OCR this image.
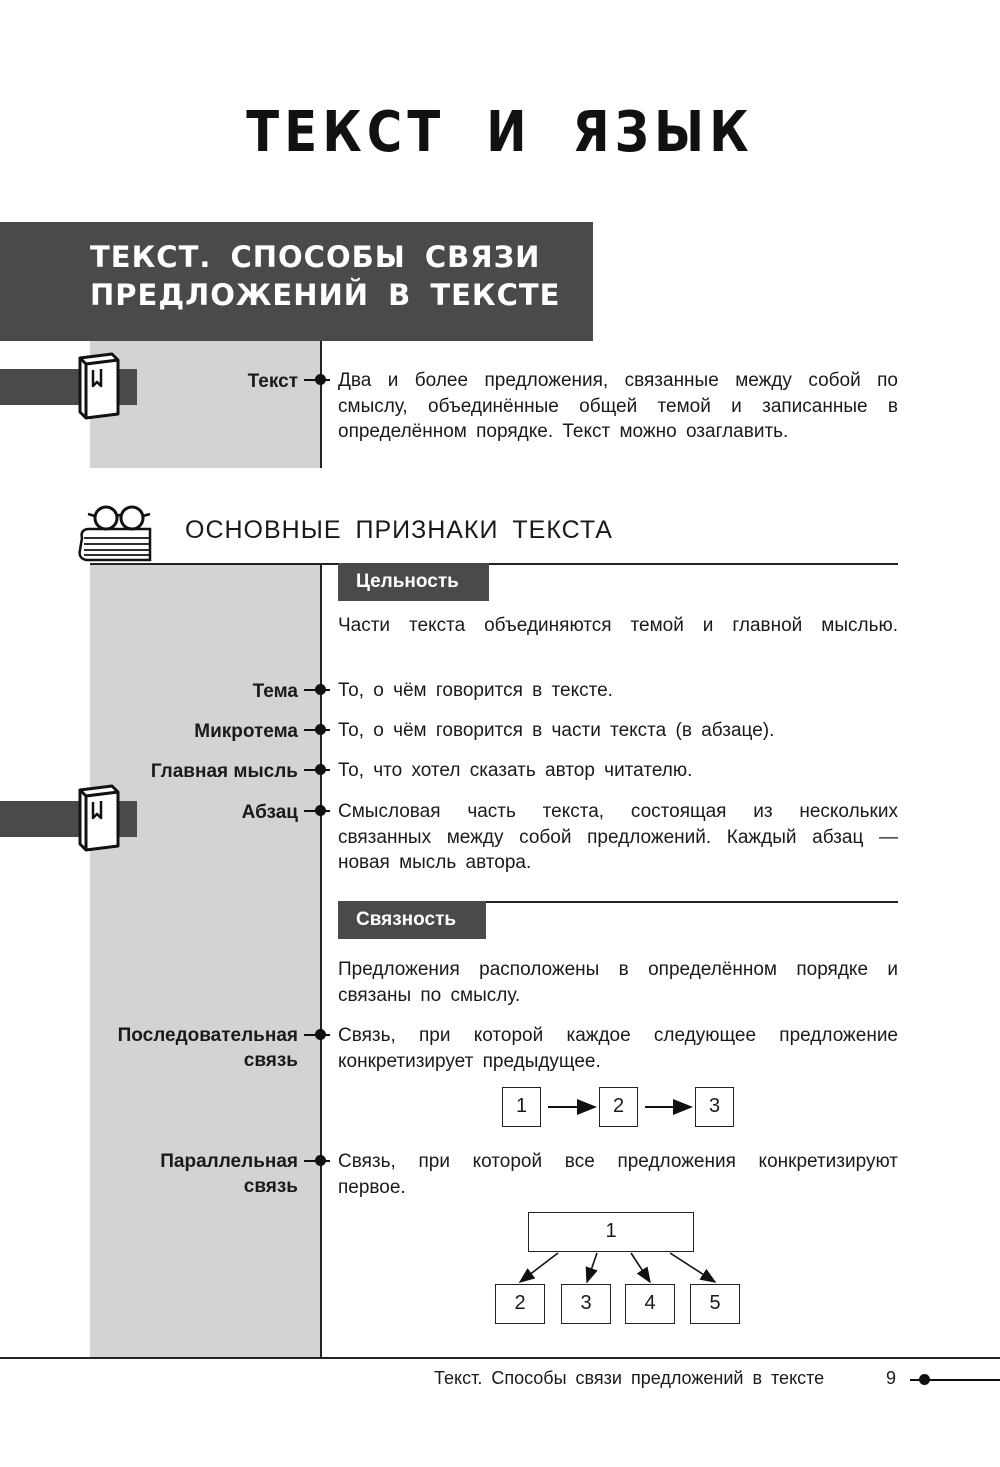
ТЕКСТ И ЯЗЫК
ТЕКСТ. СПОСОБЫ СВЯЗИ
ПРЕДЛОЖЕНИЙ В ТЕКСТЕ
Текст Два и более предложения, связанные между собой по смыслу, объединённые общей темой и записанные в определённом порядке. Текст можно озаглавить.
ОСНОВНЫЕ ПРИЗНАКИ ТЕКСТА
Цельность
Части текста объединяются темой и главной мыслью.
Тема То, о чём говорится в тексте.
Микротема То, о чём говорится в части текста (в абзаце).
Главная мысль То, что хотел сказать автор читателю.
Абзац Смысловая часть текста, состоящая из нескольких связанных между собой предложений. Каждый абзац — новая мысль автора.
Связность
Предложения расположены в определённом порядке и связаны по смыслу.
Последовательная
связь
Связь, при которой каждое следующее предложение конкретизирует предыдущее.
1	2	3
Параллельная
связь
Связь, при которой все предложения конкретизируют первое.
1
2	3	4	5
Текст. Способы связи предложений в тексте	9
